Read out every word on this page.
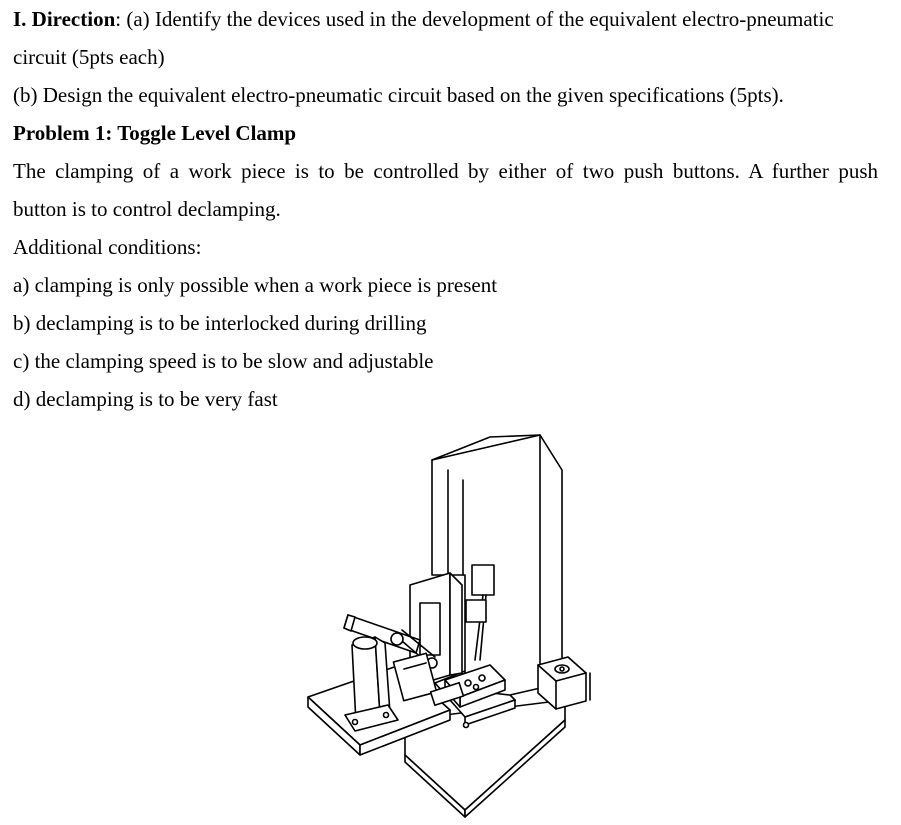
I. Direction: (a) Identify the devices used in the development of the equivalent electro-pneumatic
circuit (5pts each)
(b) Design the equivalent electro-pneumatic circuit based on the given specifications (5pts).
Problem 1: Toggle Level Clamp
The clamping of a work piece is to be controlled by either of two push buttons. A further push
button is to control declamping.
Additional conditions:
a) clamping is only possible when a work piece is present
b) declamping is to be interlocked during drilling
c) the clamping speed is to be slow and adjustable
d) declamping is to be very fast
